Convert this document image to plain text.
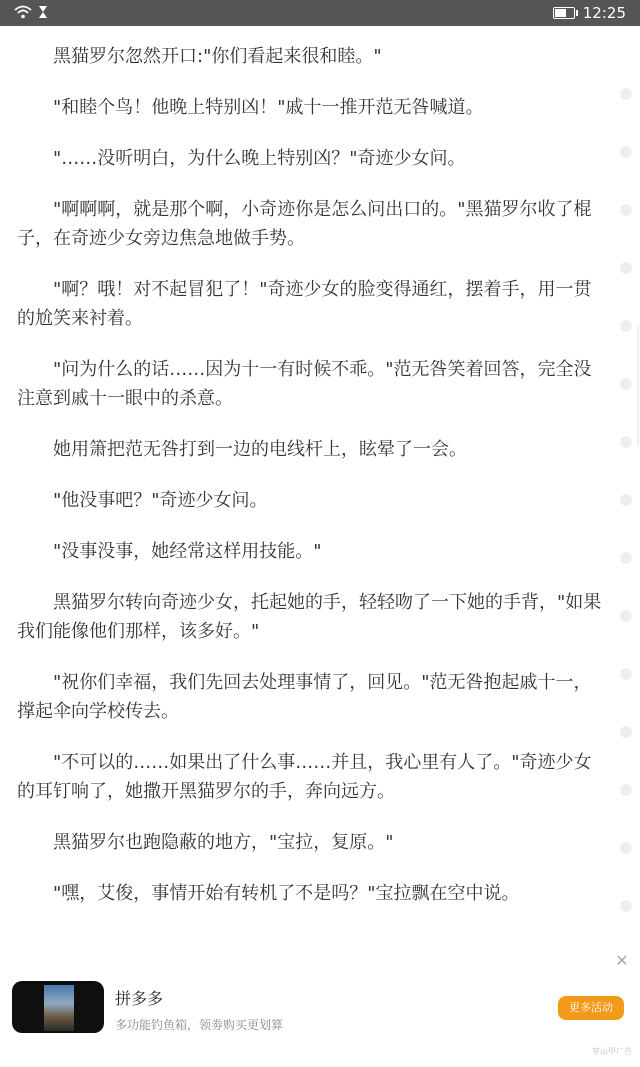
12:25

黑猫罗尔忽然开口:"你们看起来很和睦。"

"和睦个鸟！他晚上特别凶！"戚十一推开范无咎喊道。

"……没听明白，为什么晚上特别凶？"奇迹少女问。

"啊啊啊，就是那个啊，小奇迹你是怎么问出口的。"黑猫罗尔收了棍子，在奇迹少女旁边焦急地做手势。

"啊？哦！对不起冒犯了！"奇迹少女的脸变得通红，摆着手，用一贯的尬笑来衬着。

"问为什么的话……因为十一有时候不乖。"范无咎笑着回答，完全没注意到戚十一眼中的杀意。

她用箫把范无咎打到一边的电线杆上，眩晕了一会。

"他没事吧？"奇迹少女问。

"没事没事，她经常这样用技能。"

黑猫罗尔转向奇迹少女，托起她的手，轻轻吻了一下她的手背，"如果我们能像他们那样，该多好。"

"祝你们幸福，我们先回去处理事情了，回见。"范无咎抱起戚十一，撑起伞向学校传去。

"不可以的……如果出了什么事……并且，我心里有人了。"奇迹少女的耳钉响了，她撒开黑猫罗尔的手，奔向远方。

黑猫罗尔也跑隐蔽的地方，"宝拉，复原。"

"嘿，艾俊，事情开始有转机了不是吗？"宝拉飘在空中说。

✕
拼多多
多功能钓鱼箱，领劵购买更划算
更多活动
穿山甲广告
